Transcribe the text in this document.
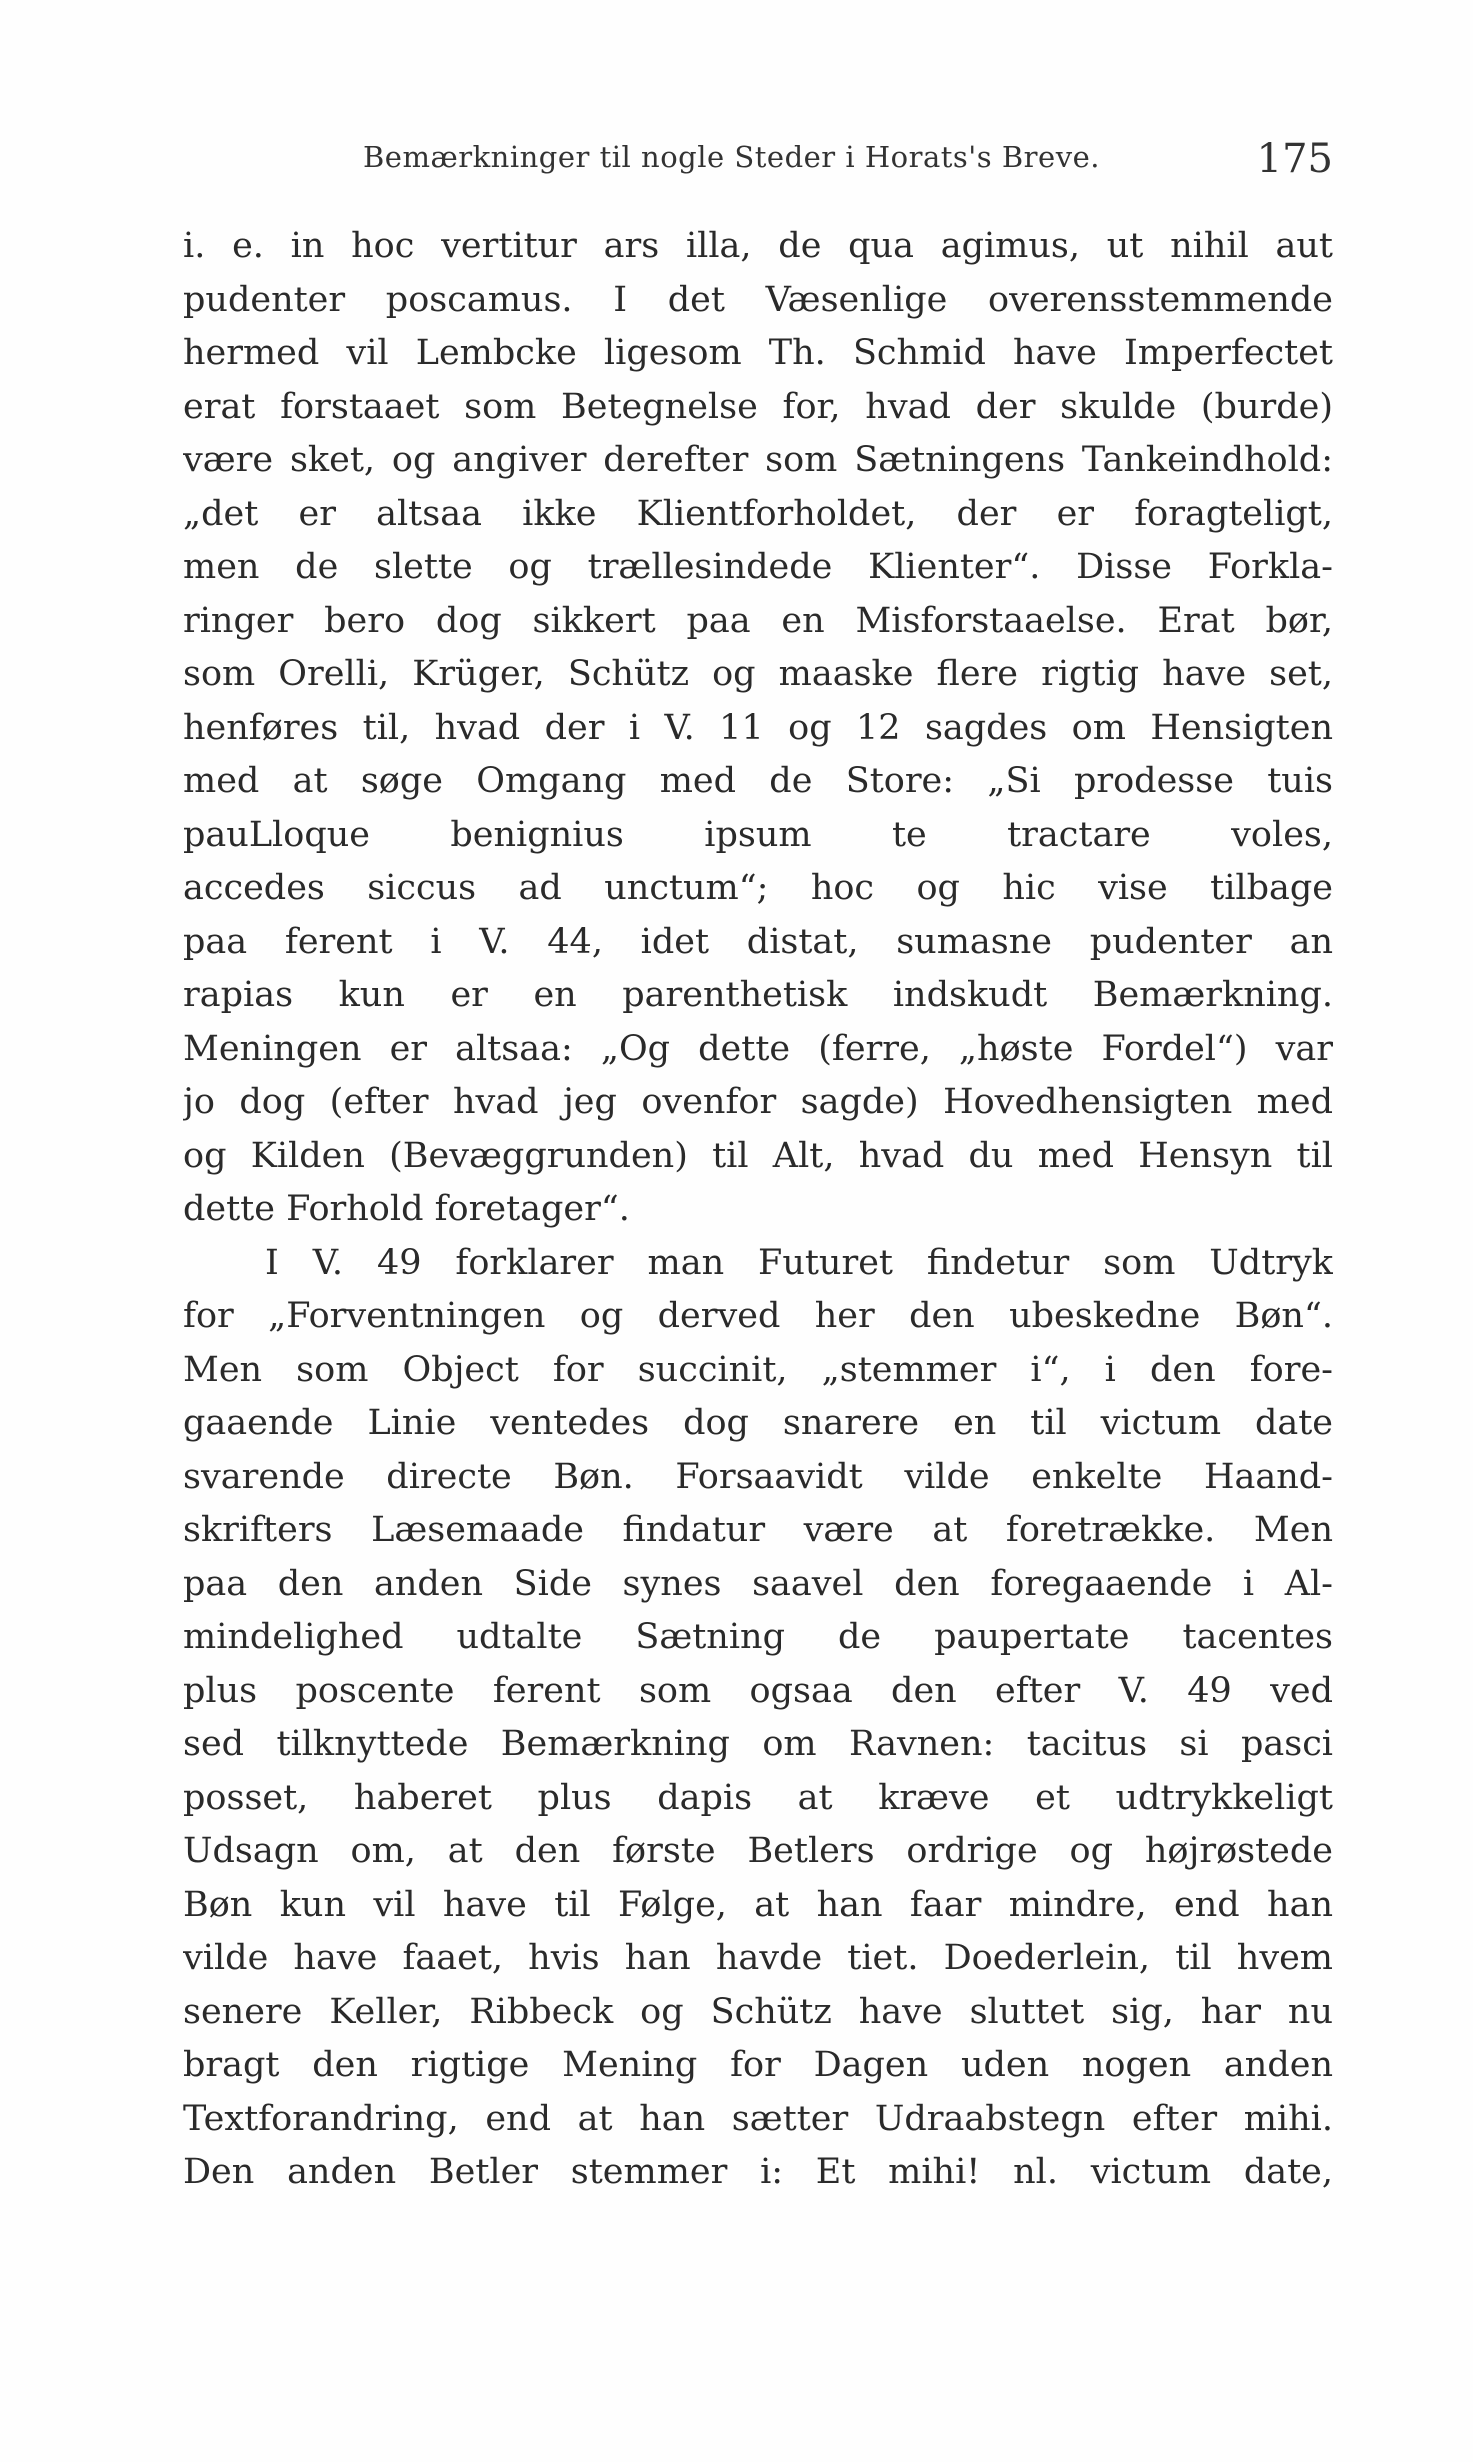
Bemærkninger til nogle Steder i Horats's Breve.	175
i. e. in hoc vertitur ars illa, de qua agimus, ut nihil aut
pudenter poscamus. I det Væsenlige overensstemmende
hermed vil Lembcke ligesom Th. Schmid have Imperfectet
erat forstaaet som Betegnelse for, hvad der skulde (burde)
være sket, og angiver derefter som Sætningens Tankeindhold:
„det er altsaa ikke Klientforholdet, der er foragteligt,
men de slette og trællesindede Klienter“. Disse Forkla-
ringer bero dog sikkert paa en Misforstaaelse. Erat bør,
som Orelli, Krüger, Schütz og maaske flere rigtig have set,
henføres til, hvad der i V. 11 og 12 sagdes om Hensigten
med at søge Omgang med de Store: „Si prodesse tuis
pauLloque benignius ipsum te tractare voles,
accedes siccus ad unctum“; hoc og hic vise tilbage
paa ferent i V. 44, idet distat, sumasne pudenter an
rapias kun er en parenthetisk indskudt Bemærkning.
Meningen er altsaa: „Og dette (ferre, „høste Fordel“) var
jo dog (efter hvad jeg ovenfor sagde) Hovedhensigten med
og Kilden (Bevæggrunden) til Alt, hvad du med Hensyn til
dette Forhold foretager“.
I V. 49 forklarer man Futuret findetur som Udtryk
for „Forventningen og derved her den ubeskedne Bøn“.
Men som Object for succinit, „stemmer i“, i den fore-
gaaende Linie ventedes dog snarere en til victum date
svarende directe Bøn. Forsaavidt vilde enkelte Haand-
skrifters Læsemaade findatur være at foretrække. Men
paa den anden Side synes saavel den foregaaende i Al-
mindelighed udtalte Sætning de paupertate tacentes
plus poscente ferent som ogsaa den efter V. 49 ved
sed tilknyttede Bemærkning om Ravnen: tacitus si pasci
posset, haberet plus dapis at kræve et udtrykkeligt
Udsagn om, at den første Betlers ordrige og højrøstede
Bøn kun vil have til Følge, at han faar mindre, end han
vilde have faaet, hvis han havde tiet. Doederlein, til hvem
senere Keller, Ribbeck og Schütz have sluttet sig, har nu
bragt den rigtige Mening for Dagen uden nogen anden
Textforandring, end at han sætter Udraabstegn efter mihi.
Den anden Betler stemmer i: Et mihi! nl. victum date,
